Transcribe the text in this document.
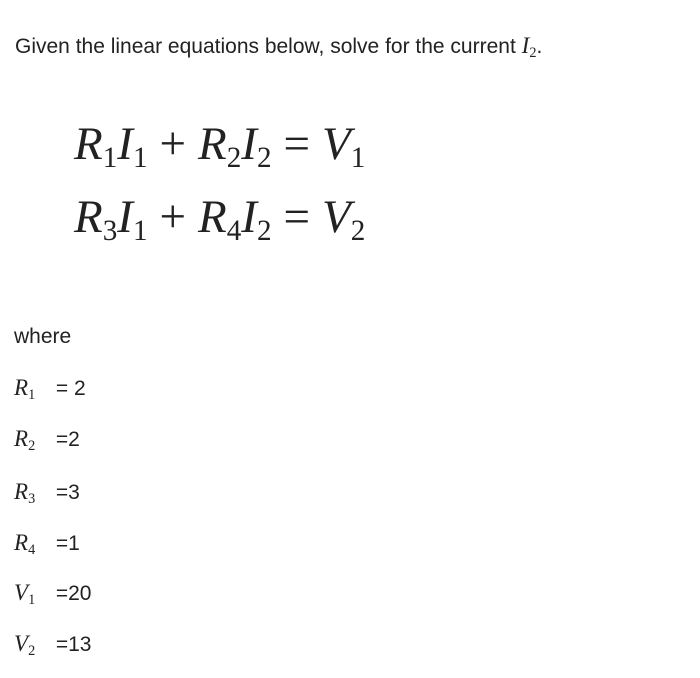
Given the linear equations below, solve for the current $I_2$.
$R_1I_1 + R_2I_2 = V_1$
$R_3I_1 + R_4I_2 = V_2$
where
$R_1 = 2$
$R_2 =2$
$R_3 =3$
$R_4 =1$
$V_1 =20$
$V_2 =13$
